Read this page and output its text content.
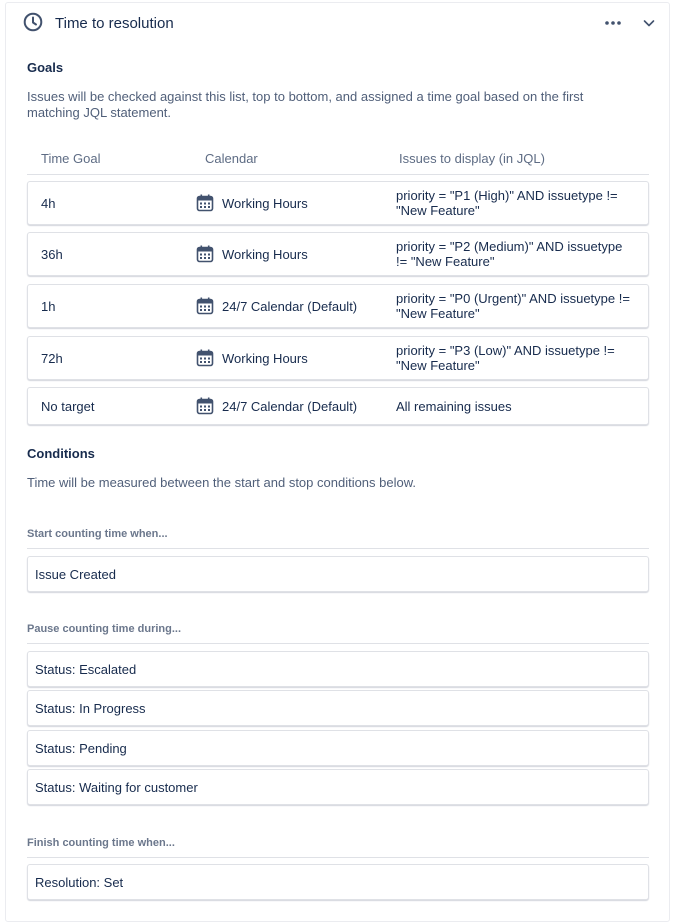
Time to resolution
Goals
Issues will be checked against this list, top to bottom, and assigned a time goal based on the first matching JQL statement.
Time Goal	Calendar	Issues to display (in JQL)
4h	Working Hours	priority = "P1 (High)" AND issuetype != "New Feature"
36h	Working Hours	priority = "P2 (Medium)" AND issuetype != "New Feature"
1h	24/7 Calendar (Default)	priority = "P0 (Urgent)" AND issuetype != "New Feature"
72h	Working Hours	priority = "P3 (Low)" AND issuetype != "New Feature"
No target	24/7 Calendar (Default)	All remaining issues
Conditions
Time will be measured between the start and stop conditions below.
Start counting time when...
Issue Created
Pause counting time during...
Status: Escalated
Status: In Progress
Status: Pending
Status: Waiting for customer
Finish counting time when...
Resolution: Set
